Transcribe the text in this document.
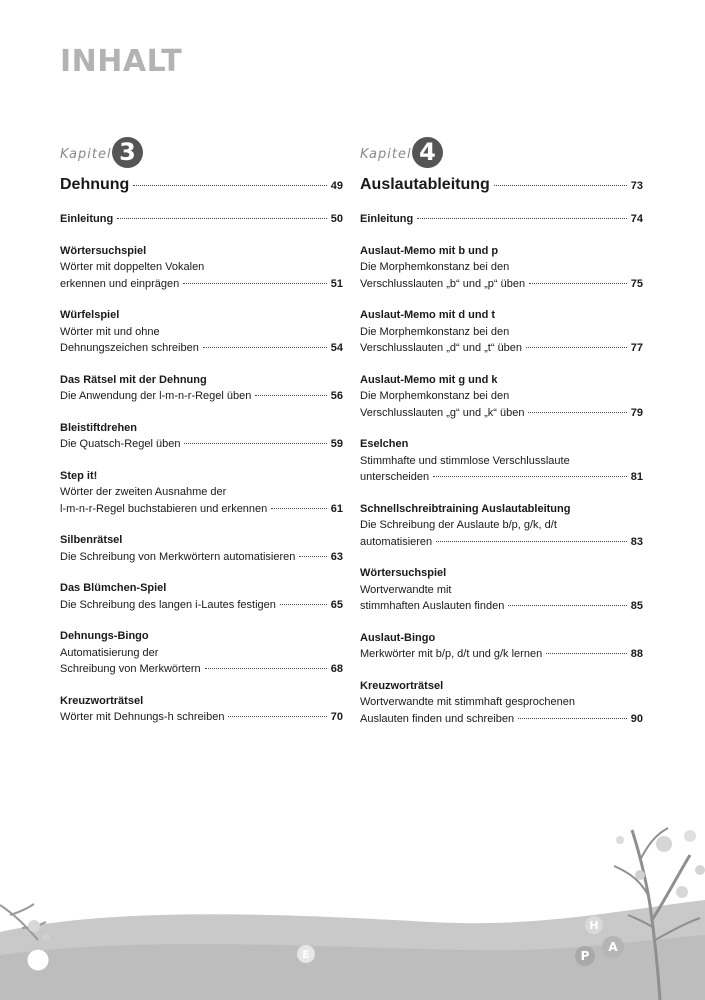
INHALT
Kapitel 3
Dehnung	49
Einleitung	50
Wörtersuchspiel
Wörter mit doppelten Vokalen
erkennen und einprägen	51
Würfelspiel
Wörter mit und ohne
Dehnungszeichen schreiben	54
Das Rätsel mit der Dehnung
Die Anwendung der l-m-n-r-Regel üben	56
Bleistiftdrehen
Die Quatsch-Regel üben	59
Step it!
Wörter der zweiten Ausnahme der
l-m-n-r-Regel buchstabieren und erkennen	61
Silbenrätsel
Die Schreibung von Merkwörtern automatisieren	63
Das Blümchen-Spiel
Die Schreibung des langen i-Lautes festigen	65
Dehnungs-Bingo
Automatisierung der
Schreibung von Merkwörtern	68
Kreuzworträtsel
Wörter mit Dehnungs-h schreiben	70
Kapitel 4
Auslautableitung	73
Einleitung	74
Auslaut-Memo mit b und p
Die Morphemkonstanz bei den
Verschlusslauten „b“ und „p“ üben	75
Auslaut-Memo mit d und t
Die Morphemkonstanz bei den
Verschlusslauten „d“ und „t“ üben	77
Auslaut-Memo mit g und k
Die Morphemkonstanz bei den
Verschlusslauten „g“ und „k“ üben	79
Eselchen
Stimmhafte und stimmlose Verschlusslaute
unterscheiden	81
Schnellschreibtraining Auslautableitung
Die Schreibung der Auslaute b/p, g/k, d/t
automatisieren	83
Wörtersuchspiel
Wortverwandte mit
stimmhaften Auslauten finden	85
Auslaut-Bingo
Merkwörter mit b/p, d/t und g/k lernen	88
Kreuzworträtsel
Wortverwandte mit stimmhaft gesprochenen
Auslauten finden und schreiben	90
E
H
P
A
